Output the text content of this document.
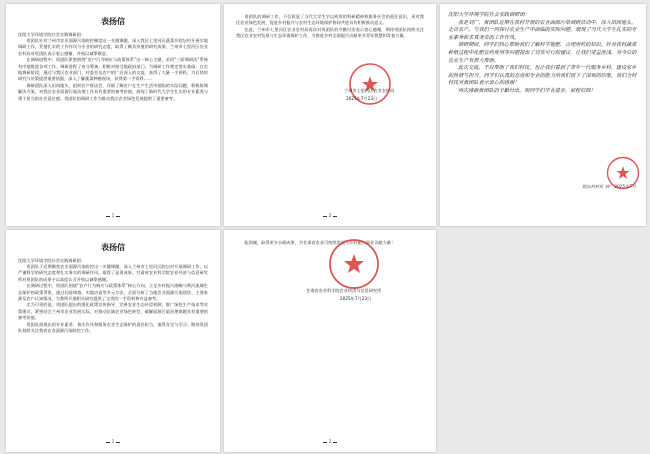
表扬信
沈阳大学环境学院社会实践调研团：

贵团队针对兰州市农业面源污染防控制度这一关键课题，深入我区七里河区蔬菜乡院坛村开展实地调研工作，凭借扎实的工作作风与专业的研究态度，取得了颇具价值的研究成果。兰州市七里河区农业农村局对贵团队表示衷心感谢，并致以诚挚敬意。

在调研进程中，贵团队紧密围绕“农户行为响应与政策体系”这一核心主题，采用“三阶调研法”系统有序地推进各项工作。调研进程了充分筹备，积极对接当地政府部门，为调研工作奠定坚实基础；在实地调研阶段，通过与我区农业部门、村委会及农户的广泛深入的交流，获得了大量一手资料，为后续的研究与决策提供重要依据，深入了解蔬菜种植现场，获得第一手资料……

调研团队深入田间地头，组织农户座谈会，详细了解农户在生产生活中面临的实际问题，积极协调解决方案，对我区农业面源污染治理工作具有重要的参考价值，展现了新时代大学生扎实的专业素养与勇于担当的社会责任感。贵团队的调研工作为推动我区农业绿色发展提供了重要参考。

1

贵团队的调研工作，不仅彰显了当代大学生学以致用的科研精神和服务社会的责任意识，更对我区农业绿色发展、促进乡村振兴与农村生态环境保护协同共进具有积极推动意义。

在此，兰州市七里河区农业农村局再次对贵团队的辛勤付出表示衷心感谢，期待贵团队持续关注我区农业农村发展与生态环境保护工作，为推进乡村全面振兴贡献更多青年智慧和青春力量。

兰州市七里河区农业农村局
2025年7月23日
2

沈阳大学环境学院社会实践调研团：

我是刘广，贵团队近期在我村开展的农业面源污染调研活动中，深入田间地头，走访农户，与我们一同探讨农业生产中面临的实际问题，展现了当代大学生扎实的专业素养和求真务实的工作作风。

调研期间，同学们热心帮助我们了解科学施肥、合理用药的知识，针对我村蔬菜种植过程中化肥农药使用等问题提出了切实可行的建议，让我们受益匪浅，对今后的农业生产有很大帮助。

此次交流，不仅帮助了我们村民，也让我们看到了青年一代服务乡村、建设家乡的热情与担当。同学们认真的态度和专业的能力给我们留下了深刻的印象，我们全村村民对贵团队表示衷心的感谢！

再次感谢贵团队的辛勤付出，祝同学们学业进步，前程似锦！

院坛村村民 刘广 2025年7月
表扬信
沈阳大学环境学院社会实践调研团：

贵团队于近期聚焦农业面源污染防控这一关键课题，深入兰州市七里河区院坛村开展调研工作，以严谨科学的研究态度和扎实务实的调研作风，取得了显著成果。甘肃省农业科学院农业经济与信息研究所对贵团队的成果予以高度认可并致以诚挚感谢。

在调研过程中，贵团队围绕“农户行为响应与政策体系”核心方向，立足乡村振兴战略与黄河流域生态保护的政策背景，通过问卷调查、实地访谈等多元方法，全面分析了当地农业面源污染现状、主要来源及农户认知情况，为我所开展相关研究提供了宝贵的一手资料和有益参考。

尤为可贵的是，贵团队提出的强化政策宣传指导、完善农业生态补偿机制、推广绿色生产技术等对策建议，紧密结合兰州市农业发展实际，对推动区域农业绿色转型、破解面源污染治理难题具有重要的参考价值。

贵团队展现出的专业素养、务实作风和服务农业生态保护的责任担当，值得肯定与学习。期待贵团队持续关注我省农业面源污染防控工作。

1

能领域，取得更多丰硕成果，为甘肃省农业可持续发展与乡村振兴事业贡献力量！

甘肃省农业科学院农业经济与信息研究所
2025年7月23日
2
